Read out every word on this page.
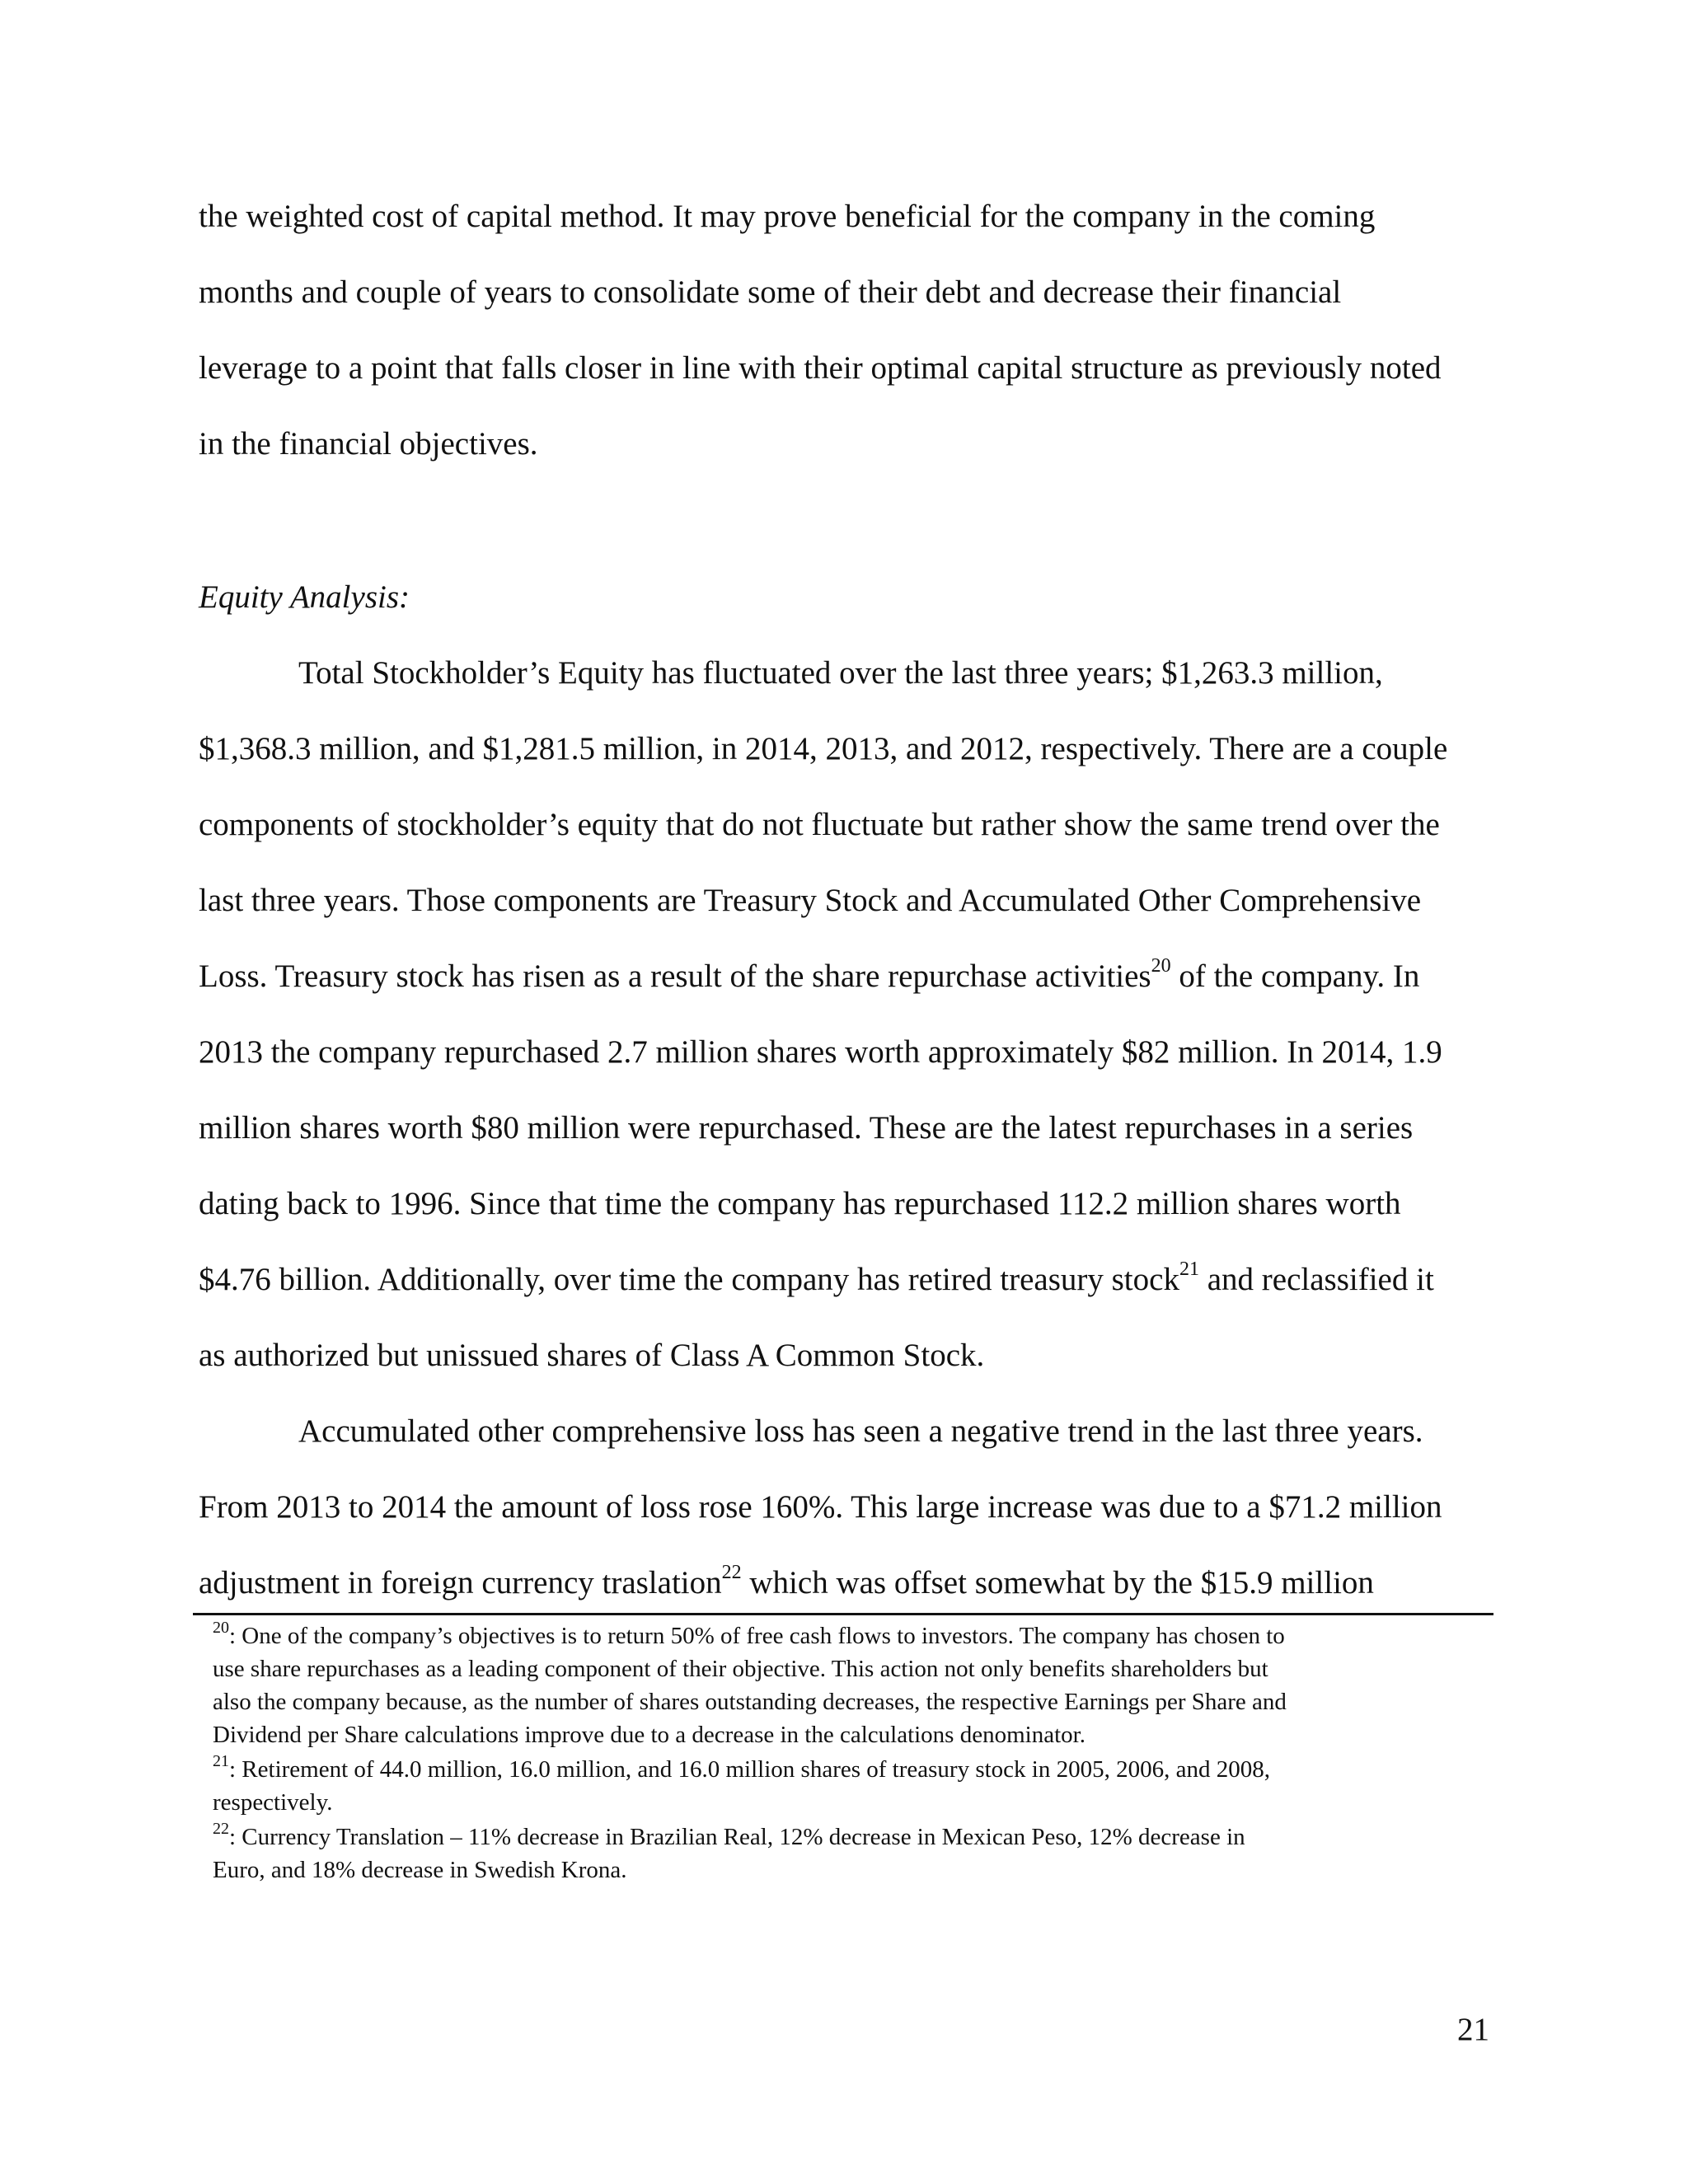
the weighted cost of capital method. It may prove beneficial for the company in the coming
months and couple of years to consolidate some of their debt and decrease their financial
leverage to a point that falls closer in line with their optimal capital structure as previously noted
in the financial objectives.
Equity Analysis:
Total Stockholder’s Equity has fluctuated over the last three years; $1,263.3 million,
$1,368.3 million, and $1,281.5 million, in 2014, 2013, and 2012, respectively. There are a couple
components of stockholder’s equity that do not fluctuate but rather show the same trend over the
last three years. Those components are Treasury Stock and Accumulated Other Comprehensive
Loss. Treasury stock has risen as a result of the share repurchase activities$^{20}$ of the company. In
2013 the company repurchased 2.7 million shares worth approximately $82 million. In 2014, 1.9
million shares worth $80 million were repurchased. These are the latest repurchases in a series
dating back to 1996. Since that time the company has repurchased 112.2 million shares worth
$4.76 billion. Additionally, over time the company has retired treasury stock$^{21}$ and reclassified it
as authorized but unissued shares of Class A Common Stock.
Accumulated other comprehensive loss has seen a negative trend in the last three years.
From 2013 to 2014 the amount of loss rose 160%. This large increase was due to a $71.2 million
adjustment in foreign currency traslation$^{22}$ which was offset somewhat by the $15.9 million
$^{20}$: One of the company’s objectives is to return 50% of free cash flows to investors. The company has chosen to
use share repurchases as a leading component of their objective. This action not only benefits shareholders but
also the company because, as the number of shares outstanding decreases, the respective Earnings per Share and
Dividend per Share calculations improve due to a decrease in the calculations denominator.
$^{21}$: Retirement of 44.0 million, 16.0 million, and 16.0 million shares of treasury stock in 2005, 2006, and 2008,
respectively.
$^{22}$: Currency Translation – 11% decrease in Brazilian Real, 12% decrease in Mexican Peso, 12% decrease in
Euro, and 18% decrease in Swedish Krona.
21
